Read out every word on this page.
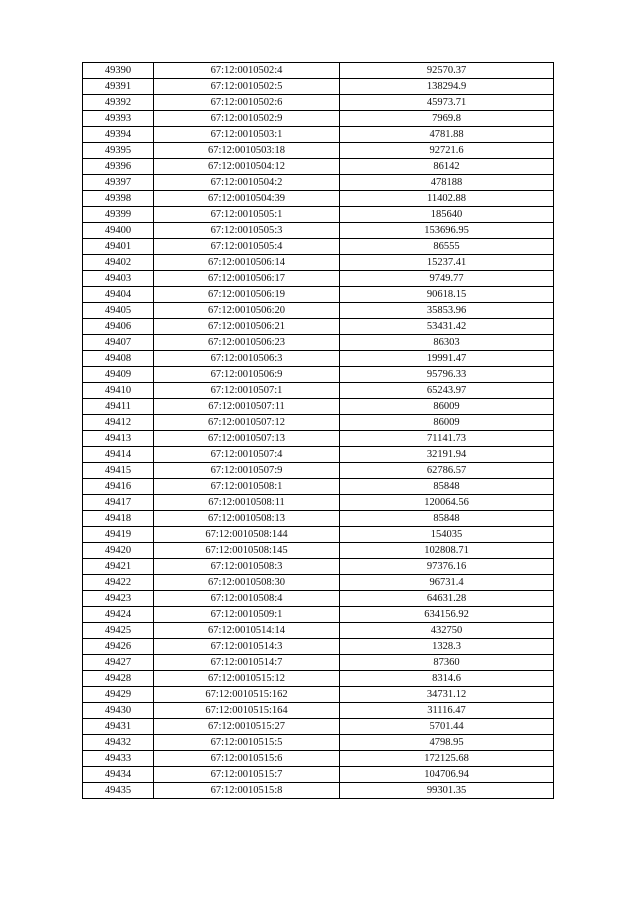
49390	67:12:0010502:4	92570.37
49391	67:12:0010502:5	138294.9
49392	67:12:0010502:6	45973.71
49393	67:12:0010502:9	7969.8
49394	67:12:0010503:1	4781.88
49395	67:12:0010503:18	92721.6
49396	67:12:0010504:12	86142
49397	67:12:0010504:2	478188
49398	67:12:0010504:39	11402.88
49399	67:12:0010505:1	185640
49400	67:12:0010505:3	153696.95
49401	67:12:0010505:4	86555
49402	67:12:0010506:14	15237.41
49403	67:12:0010506:17	9749.77
49404	67:12:0010506:19	90618.15
49405	67:12:0010506:20	35853.96
49406	67:12:0010506:21	53431.42
49407	67:12:0010506:23	86303
49408	67:12:0010506:3	19991.47
49409	67:12:0010506:9	95796.33
49410	67:12:0010507:1	65243.97
49411	67:12:0010507:11	86009
49412	67:12:0010507:12	86009
49413	67:12:0010507:13	71141.73
49414	67:12:0010507:4	32191.94
49415	67:12:0010507:9	62786.57
49416	67:12:0010508:1	85848
49417	67:12:0010508:11	120064.56
49418	67:12:0010508:13	85848
49419	67:12:0010508:144	154035
49420	67:12:0010508:145	102808.71
49421	67:12:0010508:3	97376.16
49422	67:12:0010508:30	96731.4
49423	67:12:0010508:4	64631.28
49424	67:12:0010509:1	634156.92
49425	67:12:0010514:14	432750
49426	67:12:0010514:3	1328.3
49427	67:12:0010514:7	87360
49428	67:12:0010515:12	8314.6
49429	67:12:0010515:162	34731.12
49430	67:12:0010515:164	31116.47
49431	67:12:0010515:27	5701.44
49432	67:12:0010515:5	4798.95
49433	67:12:0010515:6	172125.68
49434	67:12:0010515:7	104706.94
49435	67:12:0010515:8	99301.35
